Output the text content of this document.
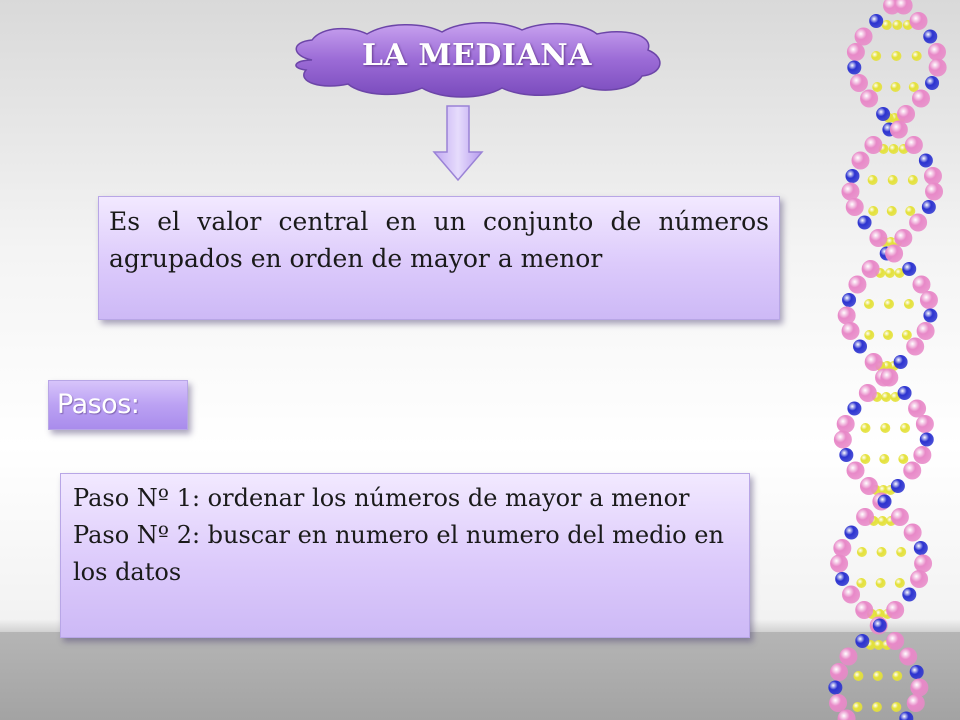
LA MEDIANA
Es el valor central en un conjunto de números agrupados en orden de mayor a menor
Pasos:
Paso Nº 1: ordenar los números de mayor a menor
Paso Nº 2: buscar en numero el numero del medio en los datos
